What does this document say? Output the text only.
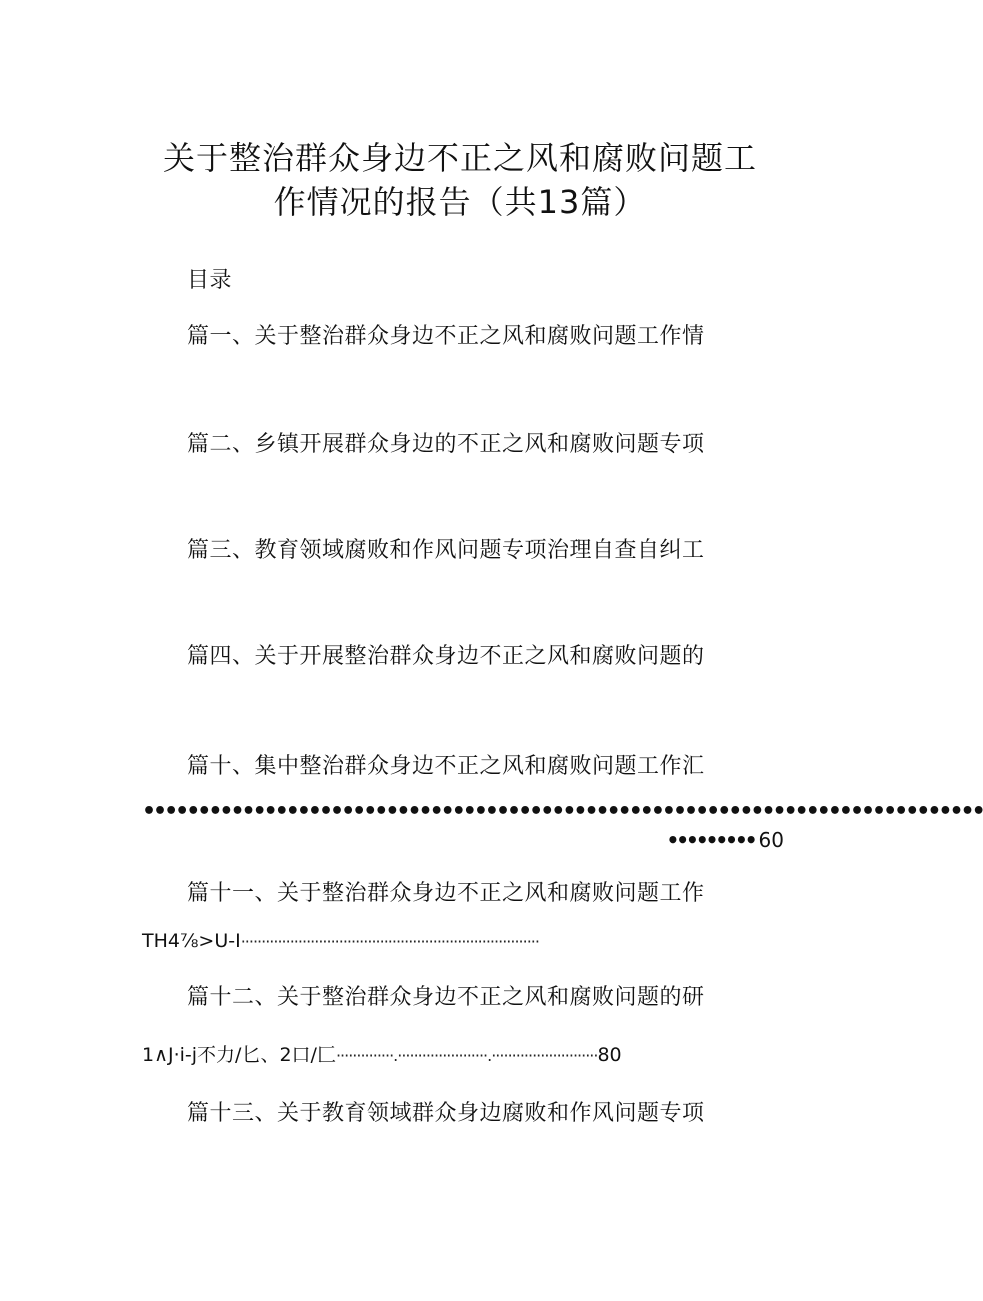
关于整治群众身边不正之风和腐败问题工
作情况的报告（共13篇）
目录
篇一、关于整治群众身边不正之风和腐败问题工作情
篇二、乡镇开展群众身边的不正之风和腐败问题专项
篇三、教育领域腐败和作风问题专项治理自查自纠工
篇四、关于开展整治群众身边不正之风和腐败问题的
篇十、集中整治群众身边不正之风和腐败问题工作汇
••••••••••••••••••••••••••••••••••••••••••••••••••••••••••••••••••••••••••••
••••••••• 60
篇十一、关于整治群众身边不正之风和腐败问题工作
TH4⅞>U-I·········································································
篇十二、关于整治群众身边不正之风和腐败问题的研
1∧J·i-j不力/匕、2口/匚··············.······················.··························80
篇十三、关于教育领域群众身边腐败和作风问题专项
